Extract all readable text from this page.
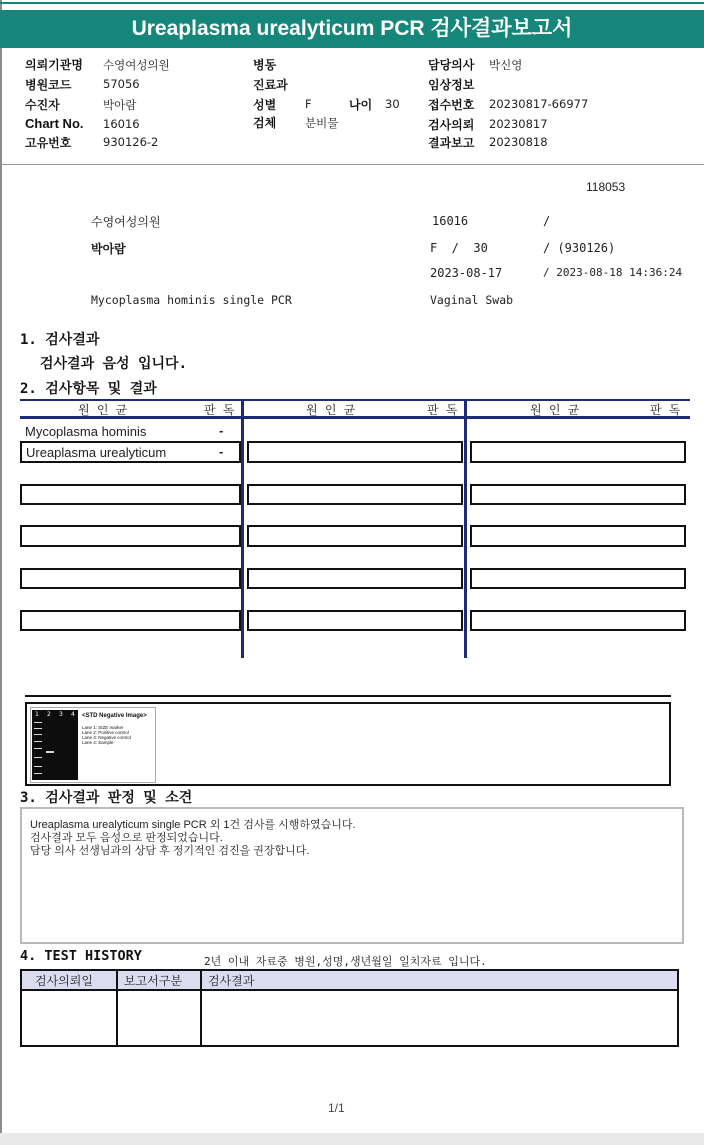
Ureaplasma urealyticum PCR 검사결과보고서
의뢰기관명 수영여성의원
병원코드	57056
수진자	박아람
Chart No. 16016
고유번호	930126-2
병동
진료과
성별	F	나이 30
검체	분비물
담당의사 박신영
임상정보
접수번호 20230817-66977
검사의뢰 20230817
결과보고 20230818
118053
수영여성의원	16016	/
박아람	F  /  30	/ (930126)
2023-08-17	/ 2023-08-18 14:36:24
Mycoplasma hominis single PCR	Vaginal Swab
1. 검사결과
검사결과 음성 입니다.
2. 검사항목 및 결과
원 인 균	판 독	원 인 균	판 독	원 인 균	판 독
Mycoplasma hominis	-
Ureaplasma urealyticum	-
1 2 3 4 <STD Negative Image>
Lane 1: SIZE marker
Lane 2: Positive control
Lane 3: Negative control
Lane 4: Sample
3. 검사결과 판정 및 소견
Ureaplasma urealyticum single PCR 외 1건 검사를 시행하였습니다.
검사결과 모두 음성으로 판정되었습니다.
담당 의사 선생님과의 상담 후 정기적인 검진을 권장합니다.
4. TEST HISTORY	2년 이내 자료중 병원,성명,생년월일 일치자료 입니다.
검사의뢰일	보고서구분 검사결과
1/1
